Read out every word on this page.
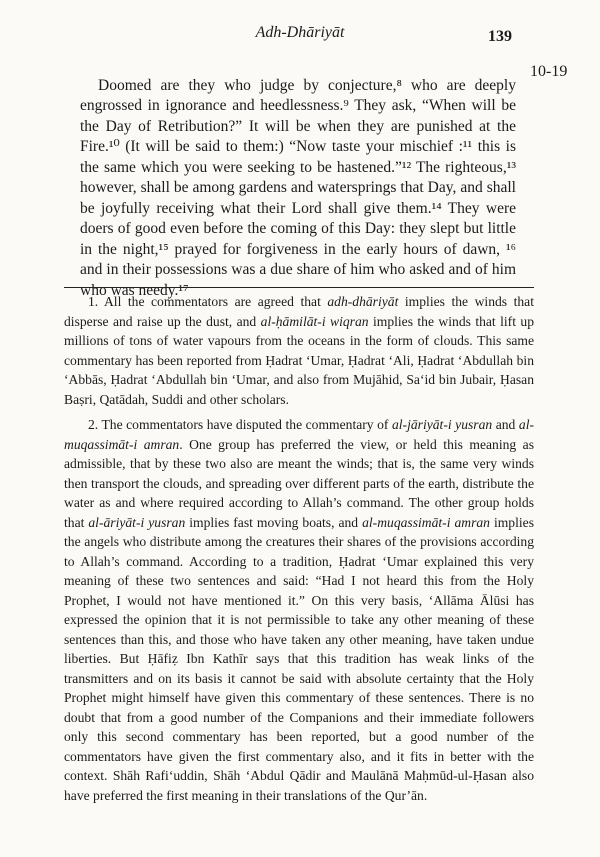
Adh-Dhāriyāt	139
10-19

Doomed are they who judge by conjecture,⁸ who are deeply engrossed in ignorance and heedlessness.⁹ They ask, “When will be the Day of Retribution?” It will be when they are punished at the Fire.¹⁰ (It will be said to them:) “Now taste your mischief :¹¹ this is the same which you were seeking to be hastened.”¹² The righteous,¹³ however, shall be among gardens and watersprings that Day, and shall be joyfully receiving what their Lord shall give them.¹⁴ They were doers of good even before the coming of this Day: they slept but little in the night,¹⁵ prayed for forgiveness in the early hours of dawn, ¹⁶ and in their possessions was a due share of him who asked and of him who was needy.¹⁷

1. All the commentators are agreed that adh-dhāriyāt implies the winds that disperse and raise up the dust, and al-ḥāmilāt-i wiqran implies the winds that lift up millions of tons of water vapours from the oceans in the form of clouds. This same commentary has been reported from Ḥadrat ‘Umar, Ḥadrat ‘Ali, Ḥadrat ‘Abdullah bin ‘Abbās, Ḥadrat ‘Abdullah bin ‘Umar, and also from Mujāhid, Sa‘id bin Jubair, Ḥasan Baṣri, Qatādah, Suddi and other scholars.

2. The commentators have disputed the commentary of al-jāriyāt-i yusran and al-muqassimāt-i amran. One group has preferred the view, or held this meaning as admissible, that by these two also are meant the winds; that is, the same very winds then transport the clouds, and spreading over different parts of the earth, distribute the water as and where required according to Allah’s command. The other group holds that al-āriyāt-i yusran implies fast moving boats, and al-muqassimāt-i amran implies the angels who distribute among the creatures their shares of the provisions according to Allah’s command. According to a tradition, Ḥadrat ‘Umar explained this very meaning of these two sentences and said: “Had I not heard this from the Holy Prophet, I would not have mentioned it.” On this very basis, ‘Allāma Ālūsi has expressed the opinion that it is not permissible to take any other meaning of these sentences than this, and those who have taken any other meaning, have taken undue liberties. But Ḥāfiẓ Ibn Kathīr says that this tradition has weak links of the transmitters and on its basis it cannot be said with absolute certainty that the Holy Prophet might himself have given this commentary of these sentences. There is no doubt that from a good number of the Companions and their immediate followers only this second commentary has been reported, but a good number of the commentators have given the first commentary also, and it fits in better with the context. Shāh Rafi‘uddin, Shāh ‘Abdul Qādir and Maulānā Maḥmūd-ul-Ḥasan also have preferred the first meaning in their translations of the Qur’ān.
